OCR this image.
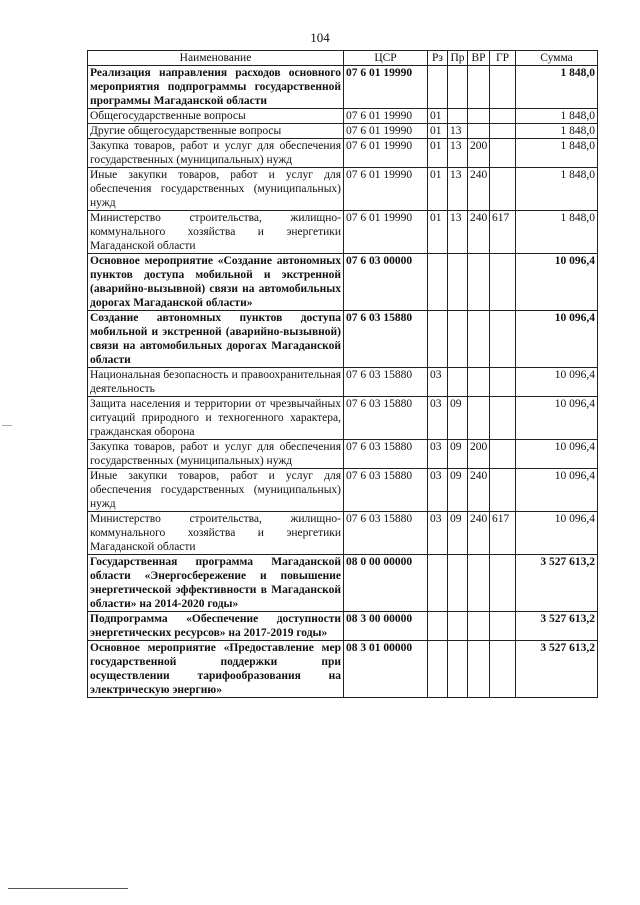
104
Наименование	ЦСР	Рз	Пр	ВР	ГР	Сумма
Реализация направления расходов основного мероприятия подпрограммы государственной программы Магаданской области	07 6 01 19990					1 848,0
Общегосударственные вопросы	07 6 01 19990	01				1 848,0
Другие общегосударственные вопросы	07 6 01 19990	01	13			1 848,0
Закупка товаров, работ и услуг для обеспечения государственных (муниципальных) нужд	07 6 01 19990	01	13	200		1 848,0
Иные закупки товаров, работ и услуг для обеспечения государственных (муниципальных) нужд	07 6 01 19990	01	13	240		1 848,0
Министерство строительства, жилищно-коммунального хозяйства и энергетики Магаданской области	07 6 01 19990	01	13	240	617	1 848,0
Основное мероприятие «Создание автономных пунктов доступа мобильной и экстренной (аварийно-вызывной) связи на автомобильных дорогах Магаданской области»	07 6 03 00000					10 096,4
Создание автономных пунктов доступа мобильной и экстренной (аварийно-вызывной) связи на автомобильных дорогах Магаданской области	07 6 03 15880					10 096,4
Национальная безопасность и правоохранительная деятельность	07 6 03 15880	03				10 096,4
Защита населения и территории от чрезвычайных ситуаций природного и техногенного характера, гражданская оборона	07 6 03 15880	03	09			10 096,4
Закупка товаров, работ и услуг для обеспечения государственных (муниципальных) нужд	07 6 03 15880	03	09	200		10 096,4
Иные закупки товаров, работ и услуг для обеспечения государственных (муниципальных) нужд	07 6 03 15880	03	09	240		10 096,4
Министерство строительства, жилищно-коммунального хозяйства и энергетики Магаданской области	07 6 03 15880	03	09	240	617	10 096,4
Государственная программа Магаданской области «Энергосбережение и повышение энергетической эффективности в Магаданской области» на 2014-2020 годы»	08 0 00 00000					3 527 613,2
Подпрограмма «Обеспечение доступности энергетических ресурсов» на 2017-2019 годы»	08 3 00 00000					3 527 613,2
Основное мероприятие «Предоставление мер государственной поддержки при осуществлении тарифообразования на электрическую энергию»	08 3 01 00000					3 527 613,2
